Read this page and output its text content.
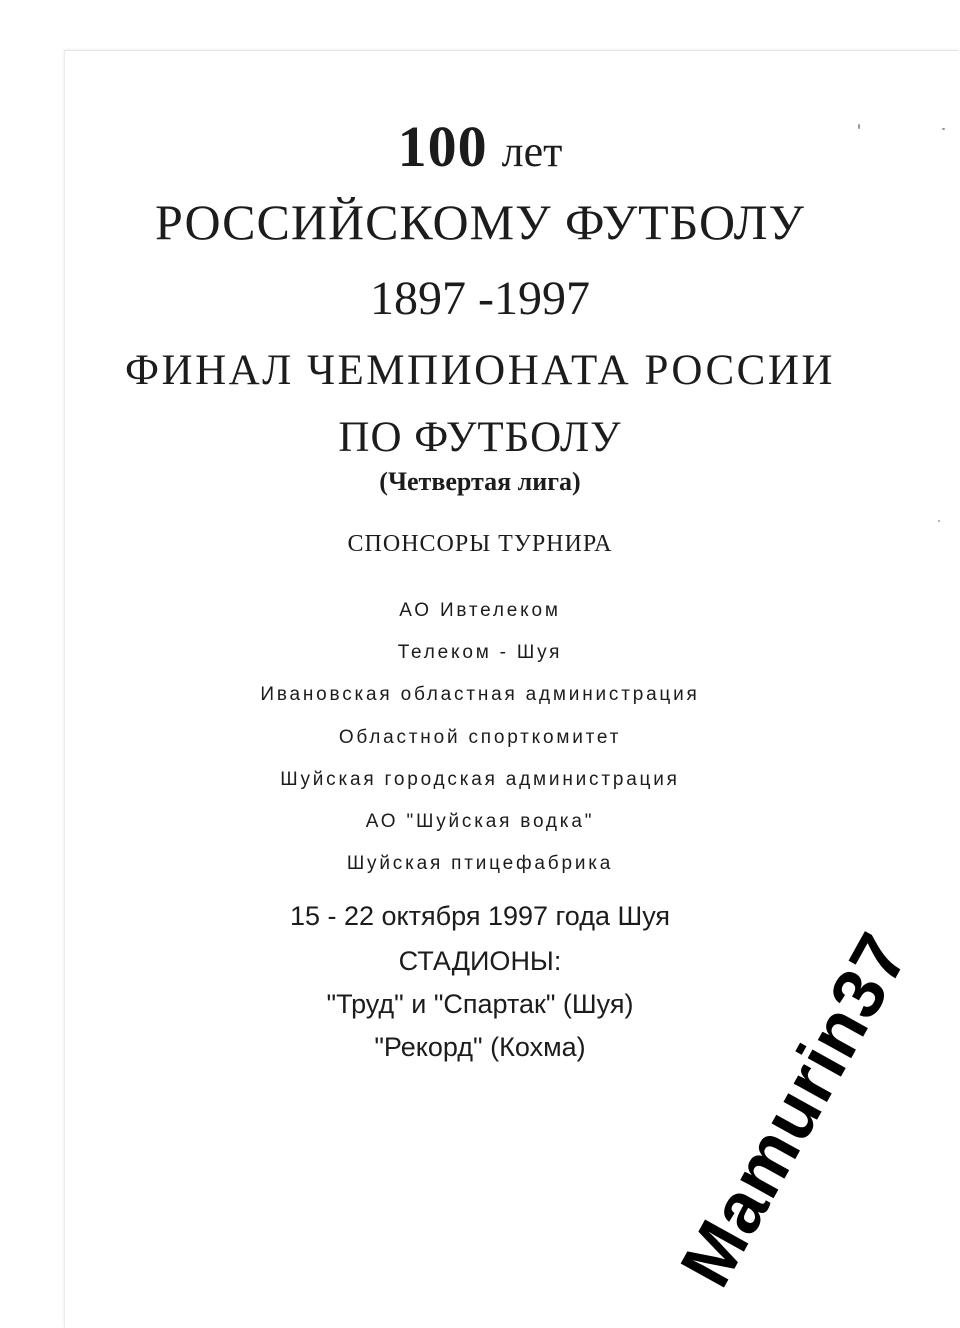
100 лет
РОССИЙСКОМУ ФУТБОЛУ
1897 -1997
ФИНАЛ ЧЕМПИОНАТА РОССИИ
ПО ФУТБОЛУ
(Четвертая лига)
СПОНСОРЫ ТУРНИРА
АО Ивтелеком
Телеком - Шуя
Ивановская областная администрация
Областной спорткомитет
Шуйская городская администрация
АО "Шуйская водка"
Шуйская птицефабрика
15 - 22 октября 1997 года Шуя
СТАДИОНЫ:
"Труд" и "Спартак" (Шуя)
"Рекорд" (Кохма)	Mamurin37
